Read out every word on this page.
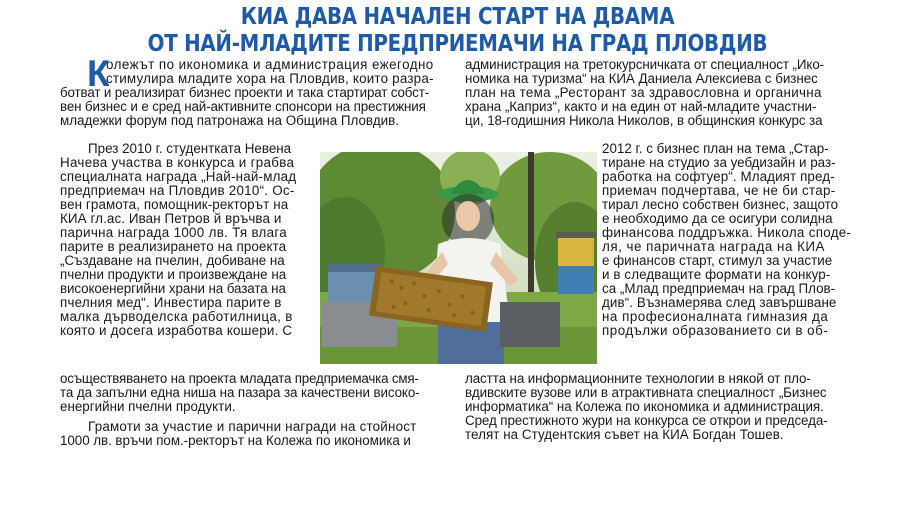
КИА ДАВА НАЧАЛЕН СТАРТ НА ДВАМА
ОТ НАЙ-МЛАДИТЕ ПРЕДПРИЕМАЧИ НА ГРАД ПЛОВДИВ
К

олежът по икономика и администрация ежегодно

стимулира младите хора на Пловдив, които разра-

ботват и реализират бизнес проекти и така стартират собст-

вен бизнес и е сред най-активните спонсори на престижния

младежки форум под патронажа на Община Пловдив.

През 2010 г. студентката Невена

Начева участва в конкурса и грабва

специалната награда „Най-най-млад

предприемач на Пловдив 2010“. Ос-

вен грамота, помощник-ректорът на

КИА гл.ас. Иван Петров й връчва и

парична награда 1000 лв. Тя влага

парите в реализирането на проекта

„Създаване на пчелин, добиване на

пчелни продукти и произвеждане на

високоенергийни храни на базата на

пчелния мед“. Инвестира парите в

малка дърводелска работилница, в

която и досега изработва кошери. С

осъществяването на проекта младата предприемачка смя-

та да запълни една ниша на пазара за качествени високо-

енергийни пчелни продукти.

Грамоти за участие и парични награди на стойност

1000 лв. връчи пом.-ректорът на Колежа по икономика и

администрация на третокурсничката от специалност „Ико-

номика на туризма“ на КИА Даниела Алексиева с бизнес

план на тема „Ресторант за здравословна и органична

храна „Каприз“, както и на един от най-младите участни-

ци, 18-годишния Никола Николов, в общинския конкурс за

2012 г. с бизнес план на тема „Стар-

тиране на студио за уебдизайн и раз-

работка на софтуер“. Младият пред-

приемач подчертава, че не би стар-

тирал лесно собствен бизнес, защото

е необходимо да се осигури солидна

финансова поддръжка. Никола сподe-

ля, че паричната награда на КИА

е финансов старт, стимул за участие

и в следващите формати на конкур-

са „Млад предприемач на град Плов-

див“. Възнамерява след завършване

на професионалната гимназия да

продължи образованието си в об-

ластта на информационните технологии в някой от пло-

вдивските вузове или в атрактивната специалност „Бизнес

информатика“ на Колежа по икономика и администрация.

Сред престижното жури на конкурса се открои и председа-

телят на Студентския съвет на КИА Богдан Тошев.
